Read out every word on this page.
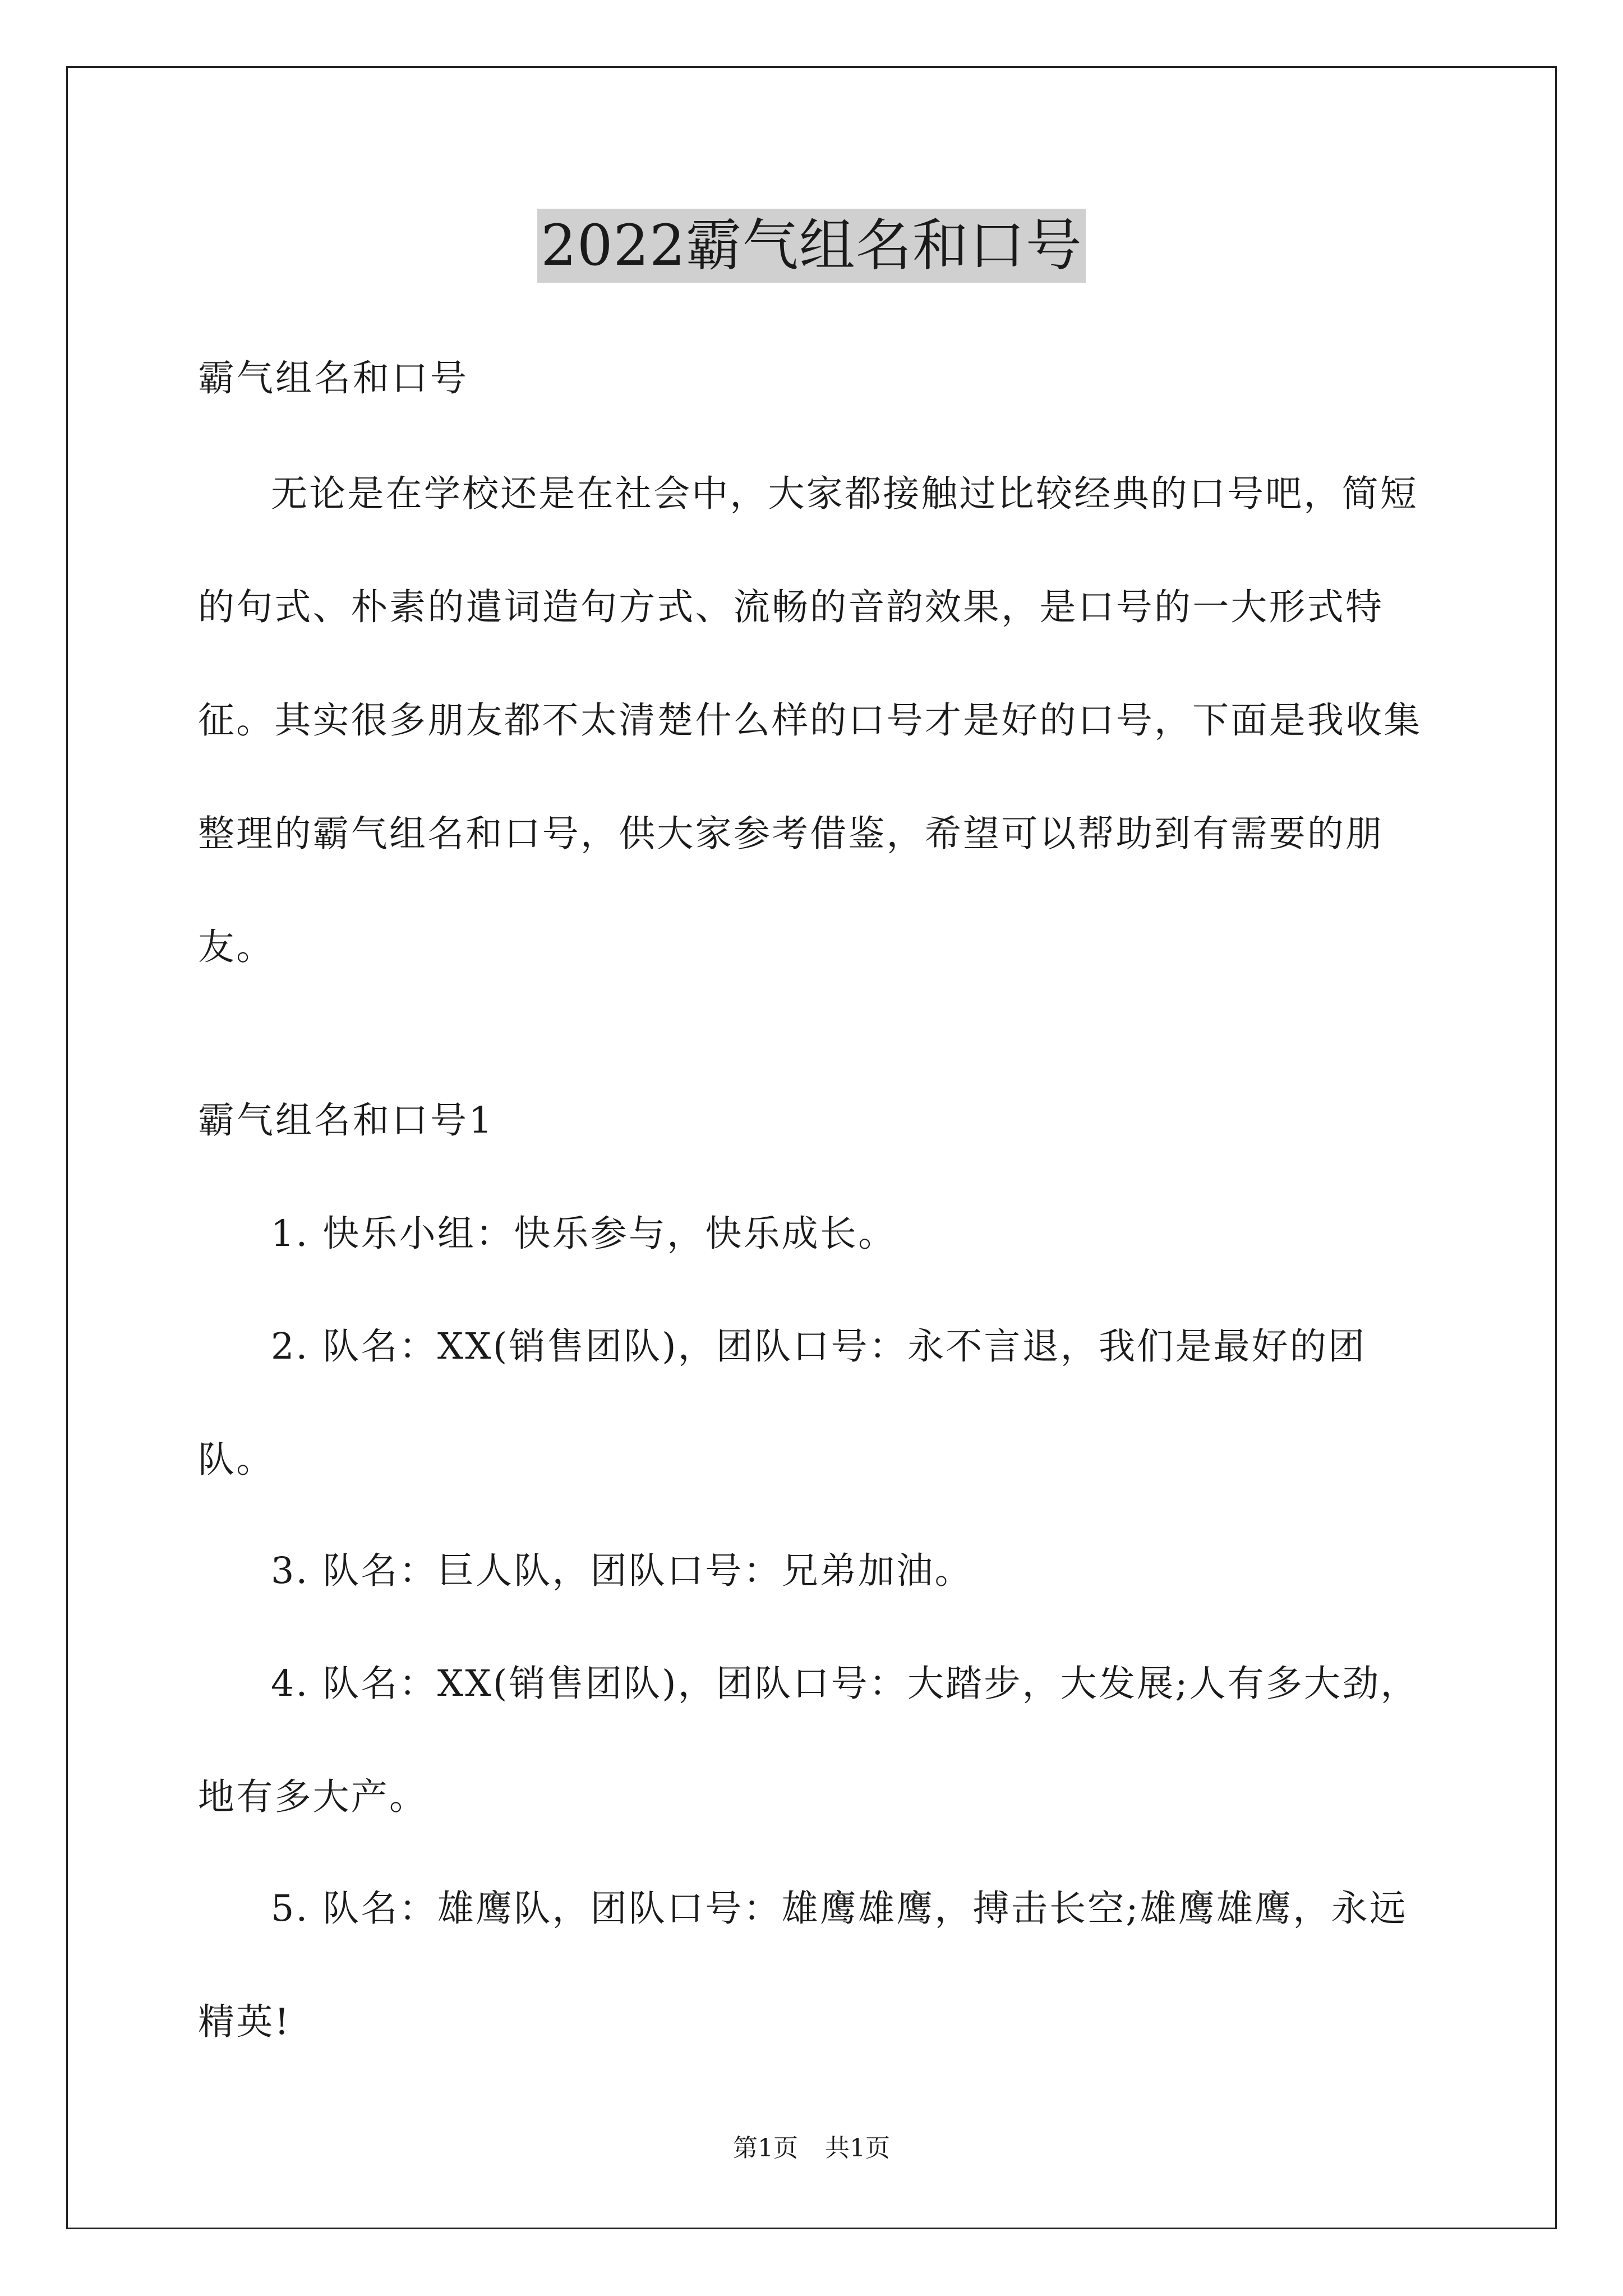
2022霸气组名和口号
霸气组名和口号
无论是在学校还是在社会中，大家都接触过比较经典的口号吧，简短的句式、朴素的遣词造句方式、流畅的音韵效果，是口号的一大形式特征。其实很多朋友都不太清楚什么样的口号才是好的口号，下面是我收集整理的霸气组名和口号，供大家参考借鉴，希望可以帮助到有需要的朋友。
霸气组名和口号1
1. 快乐小组：快乐参与，快乐成长。
2. 队名：XX(销售团队)，团队口号：永不言退，我们是最好的团队。
3. 队名：巨人队，团队口号：兄弟加油。
4. 队名：XX(销售团队)，团队口号：大踏步，大发展;人有多大劲，地有多大产。
5. 队名：雄鹰队，团队口号：雄鹰雄鹰，搏击长空;雄鹰雄鹰，永远精英!
第1页 共1页
